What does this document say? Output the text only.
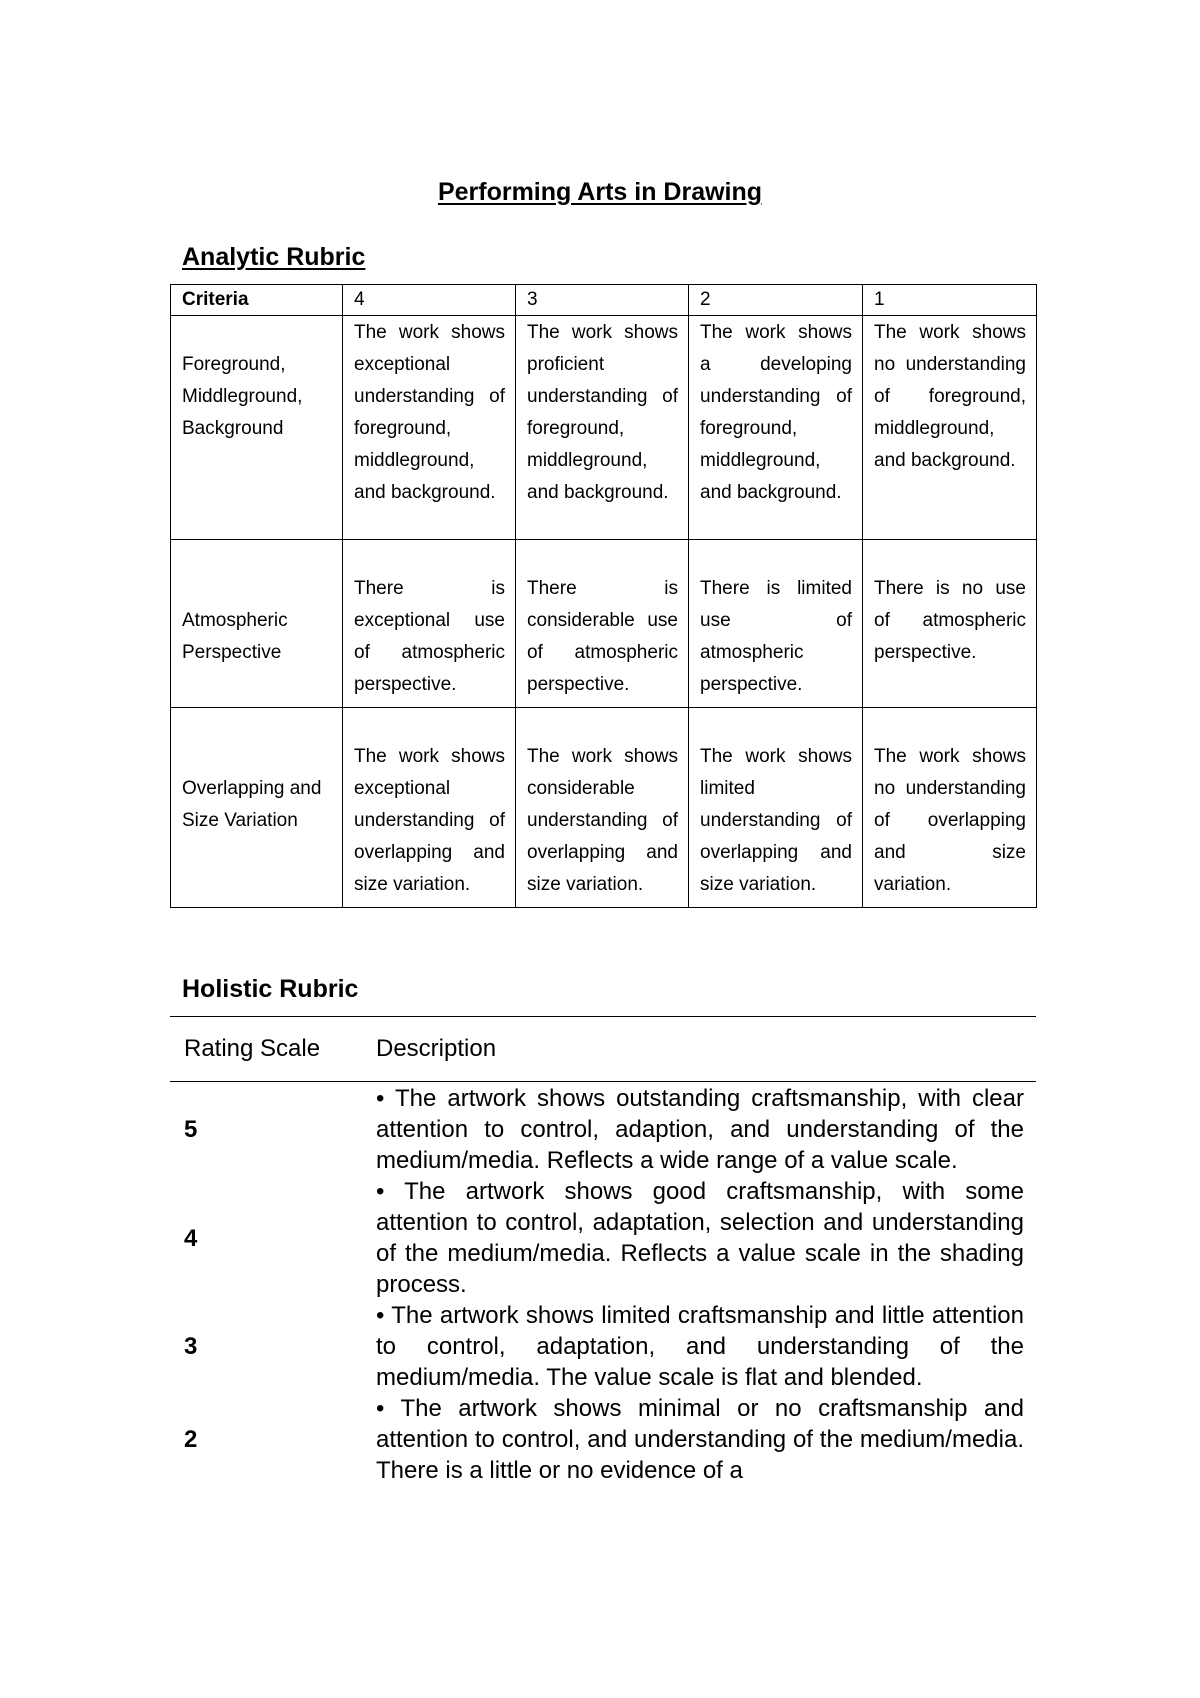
Performing Arts in Drawing
Analytic Rubric
Criteria	4	3	2	1

Foreground, Middleground, Background	The work shows exceptional understanding of foreground, middleground, and background.	The work shows proficient understanding of foreground, middleground, and background.	The work shows a developing understanding of foreground, middleground, and background.	The work shows no understanding of foreground, middleground, and background.

Atmospheric Perspective	There is exceptional use of atmospheric perspective.	There is considerable use of atmospheric perspective.	There is limited use of atmospheric perspective.	There is no use of atmospheric perspective.

Overlapping and Size Variation	The work shows exceptional understanding of overlapping and size variation.	The work shows considerable understanding of overlapping and size variation.	The work shows limited understanding of overlapping and size variation.	The work shows no understanding of overlapping and size variation.
Holistic Rubric
Rating Scale	Description
5
• The artwork shows outstanding craftsmanship, with clear attention to control, adaption, and understanding of the medium/media. Reflects a wide range of a value scale.
4
• The artwork shows good craftsmanship, with some attention to control, adaptation, selection and understanding of the medium/media. Reflects a value scale in the shading process.
3
• The artwork shows limited craftsmanship and little attention to control, adaptation, and understanding of the medium/media. The value scale is flat and blended.
2
• The artwork shows minimal or no craftsmanship and attention to control, and understanding of the medium/media. There is a little or no evidence of a
